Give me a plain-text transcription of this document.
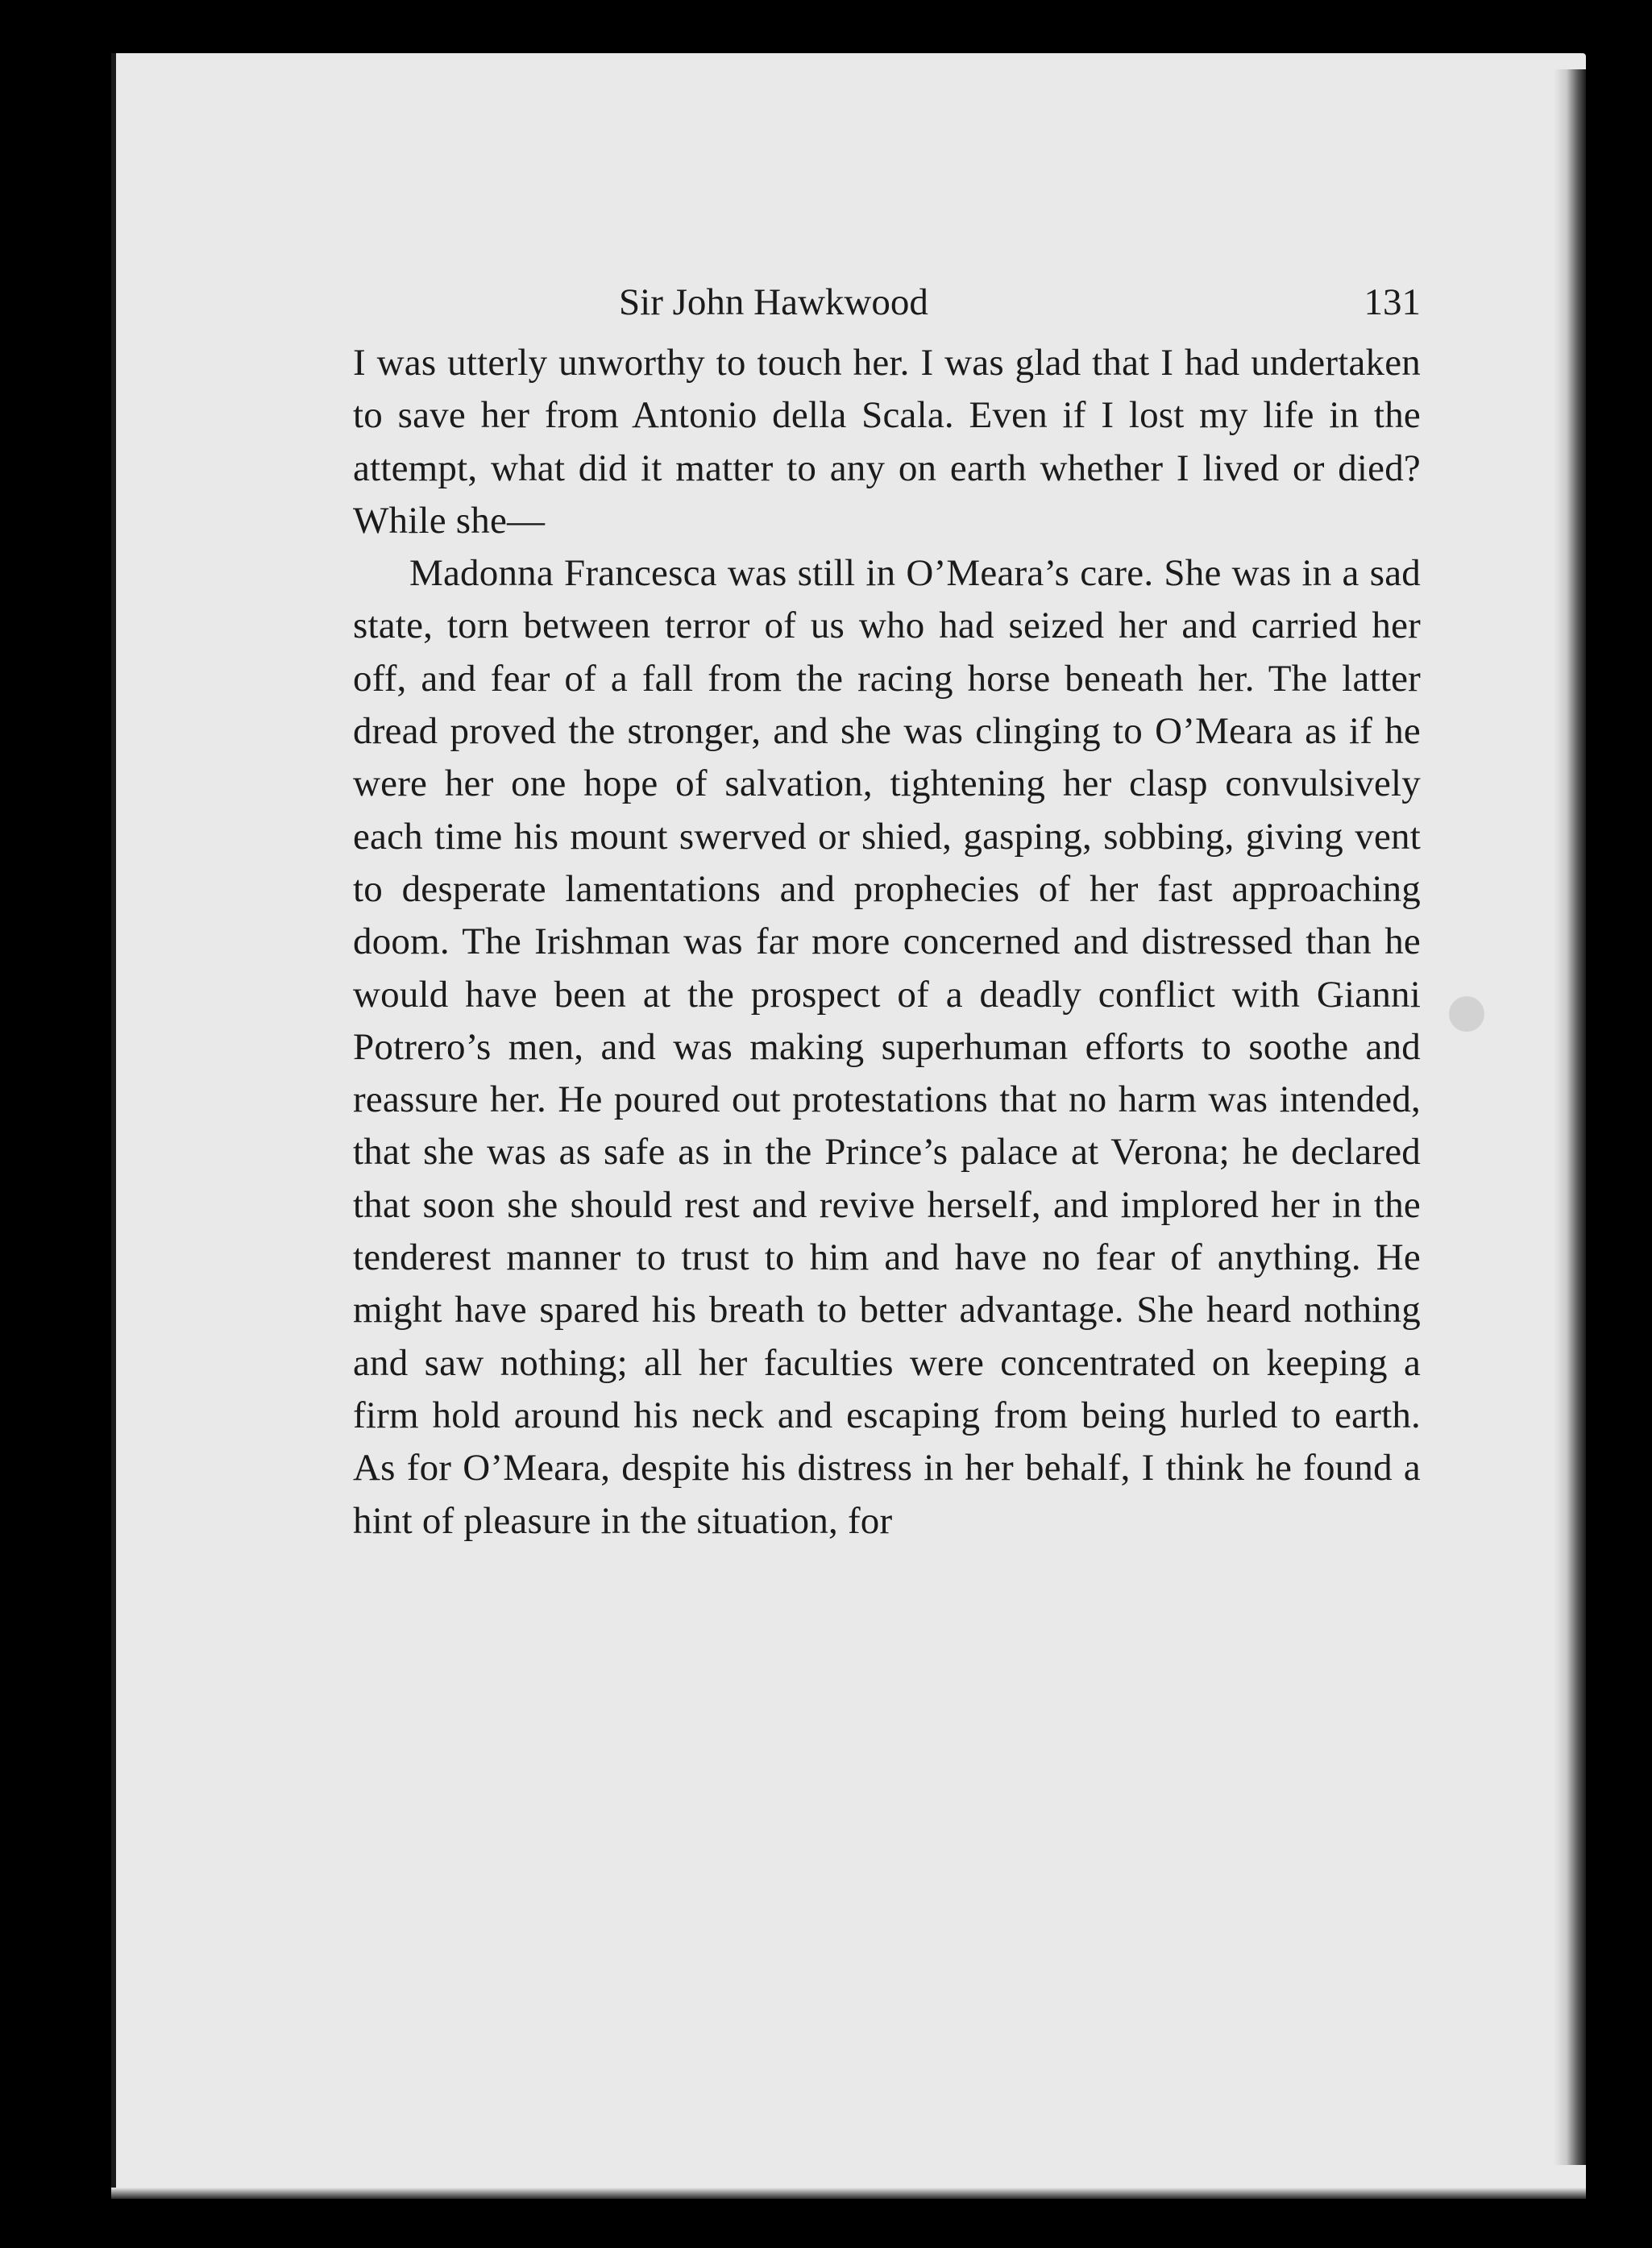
Sir John Hawkwood	131

I was utterly unworthy to touch her. I was glad that I had undertaken to save her from Antonio della Scala. Even if I lost my life in the attempt, what did it matter to any on earth whether I lived or died? While she—

Madonna Francesca was still in O’Meara’s care. She was in a sad state, torn between terror of us who had seized her and carried her off, and fear of a fall from the racing horse beneath her. The latter dread proved the stronger, and she was clinging to O’Meara as if he were her one hope of salvation, tightening her clasp convulsively each time his mount swerved or shied, gasping, sobbing, giving vent to desperate lamentations and prophecies of her fast approaching doom. The Irishman was far more concerned and distressed than he would have been at the prospect of a deadly conflict with Gianni Potrero’s men, and was making superhuman efforts to soothe and reassure her. He poured out protestations that no harm was intended, that she was as safe as in the Prince’s palace at Verona; he declared that soon she should rest and revive herself, and implored her in the tenderest manner to trust to him and have no fear of anything. He might have spared his breath to better advantage. She heard nothing and saw nothing; all her faculties were concentrated on keeping a firm hold around his neck and escaping from being hurled to earth. As for O’Meara, despite his distress in her behalf, I think he found a hint of pleasure in the situation, for
